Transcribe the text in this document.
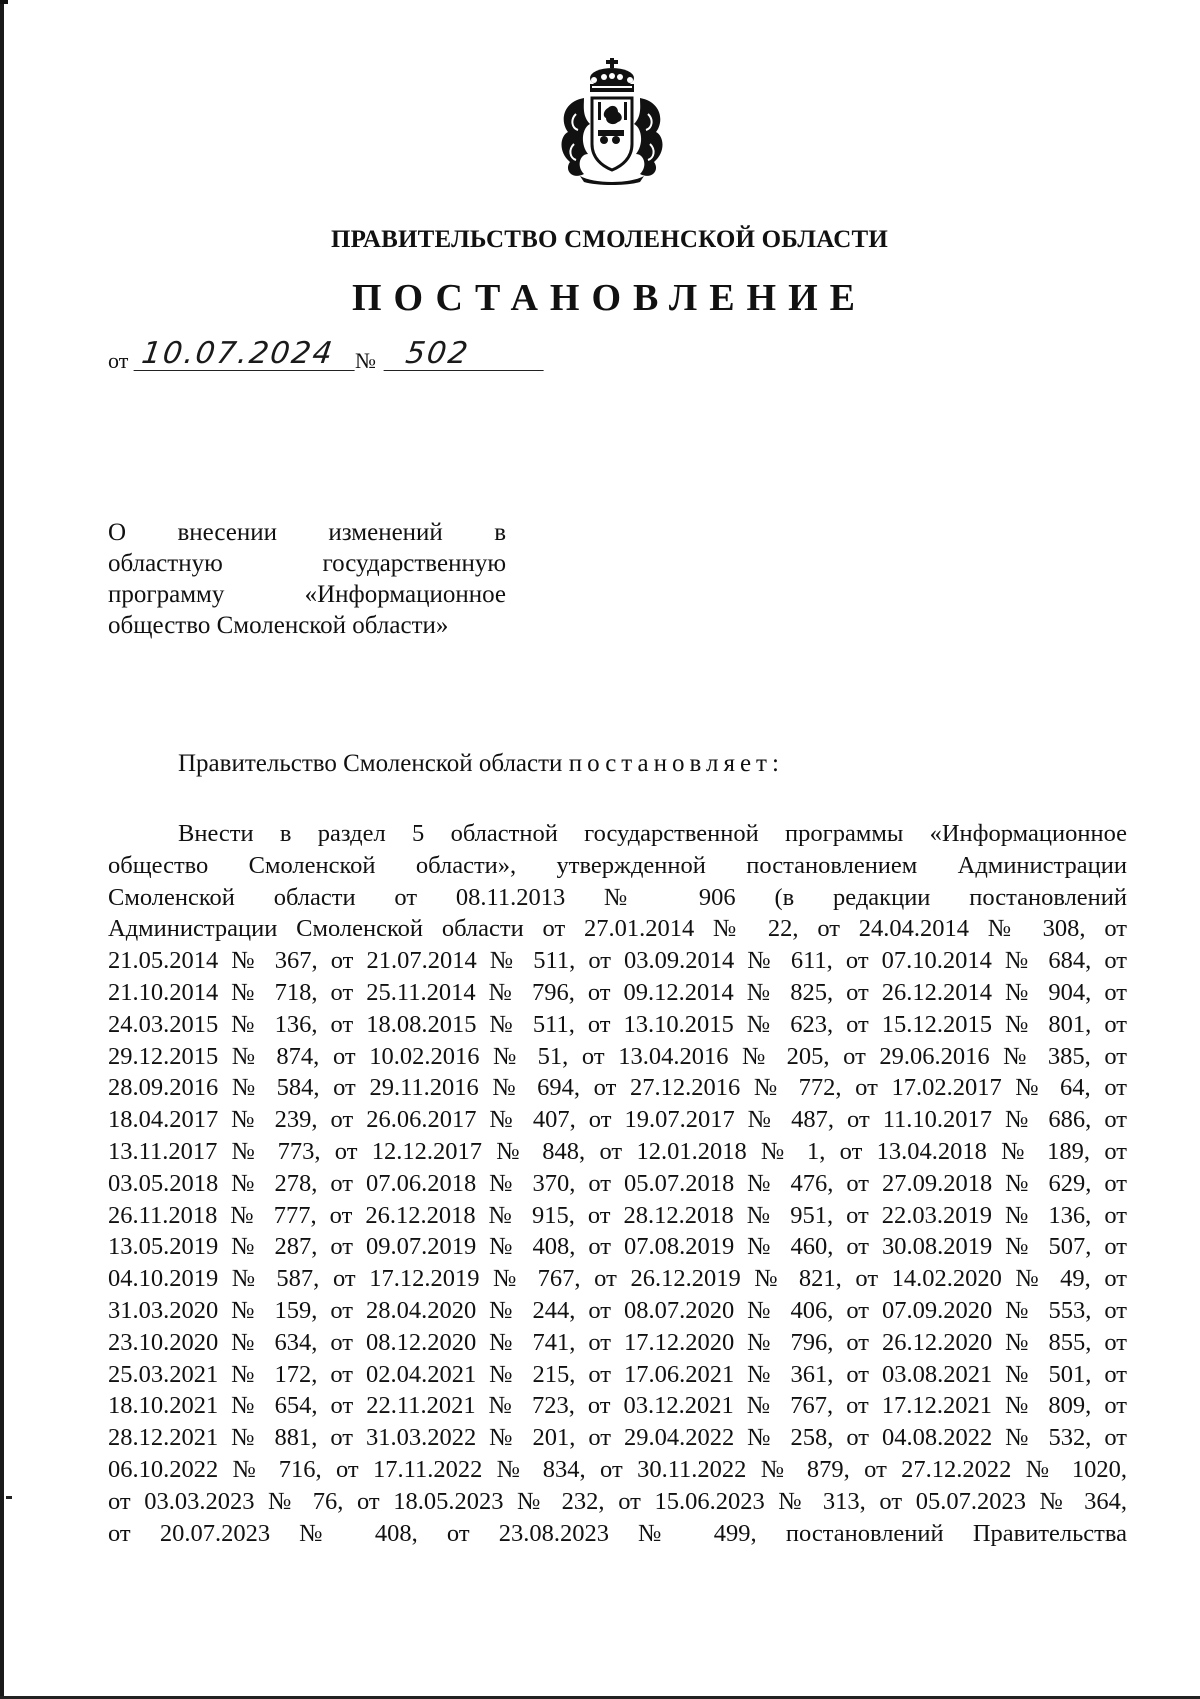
ПРАВИТЕЛЬСТВО СМОЛЕНСКОЙ ОБЛАСТИ
ПОСТАНОВЛЕНИЕ
от 10.07.2024 № 502
О внесении изменений в
областную государственную
программу «Информационное
общество Смоленской области»
Правительство Смоленской области постановляет:
Внести в раздел 5 областной государственной программы «Информационное
общество Смоленской области», утвержденной постановлением Администрации
Смоленской области от 08.11.2013 № 906 (в редакции постановлений
Администрации Смоленской области от 27.01.2014 № 22, от 24.04.2014 № 308, от
21.05.2014 № 367, от 21.07.2014 № 511, от 03.09.2014 № 611, от 07.10.2014 № 684, от
21.10.2014 № 718, от 25.11.2014 № 796, от 09.12.2014 № 825, от 26.12.2014 № 904, от
24.03.2015 № 136, от 18.08.2015 № 511, от 13.10.2015 № 623, от 15.12.2015 № 801, от
29.12.2015 № 874, от 10.02.2016 № 51, от 13.04.2016 № 205, от 29.06.2016 № 385, от
28.09.2016 № 584, от 29.11.2016 № 694, от 27.12.2016 № 772, от 17.02.2017 № 64, от
18.04.2017 № 239, от 26.06.2017 № 407, от 19.07.2017 № 487, от 11.10.2017 № 686, от
13.11.2017 № 773, от 12.12.2017 № 848, от 12.01.2018 № 1, от 13.04.2018 № 189, от
03.05.2018 № 278, от 07.06.2018 № 370, от 05.07.2018 № 476, от 27.09.2018 № 629, от
26.11.2018 № 777, от 26.12.2018 № 915, от 28.12.2018 № 951, от 22.03.2019 № 136, от
13.05.2019 № 287, от 09.07.2019 № 408, от 07.08.2019 № 460, от 30.08.2019 № 507, от
04.10.2019 № 587, от 17.12.2019 № 767, от 26.12.2019 № 821, от 14.02.2020 № 49, от
31.03.2020 № 159, от 28.04.2020 № 244, от 08.07.2020 № 406, от 07.09.2020 № 553, от
23.10.2020 № 634, от 08.12.2020 № 741, от 17.12.2020 № 796, от 26.12.2020 № 855, от
25.03.2021 № 172, от 02.04.2021 № 215, от 17.06.2021 № 361, от 03.08.2021 № 501, от
18.10.2021 № 654, от 22.11.2021 № 723, от 03.12.2021 № 767, от 17.12.2021 № 809, от
28.12.2021 № 881, от 31.03.2022 № 201, от 29.04.2022 № 258, от 04.08.2022 № 532, от
06.10.2022 № 716, от 17.11.2022 № 834, от 30.11.2022 № 879, от 27.12.2022 № 1020,
от 03.03.2023 № 76, от 18.05.2023 № 232, от 15.06.2023 № 313, от 05.07.2023 № 364,
от 20.07.2023 № 408, от 23.08.2023 № 499, постановлений Правительства
